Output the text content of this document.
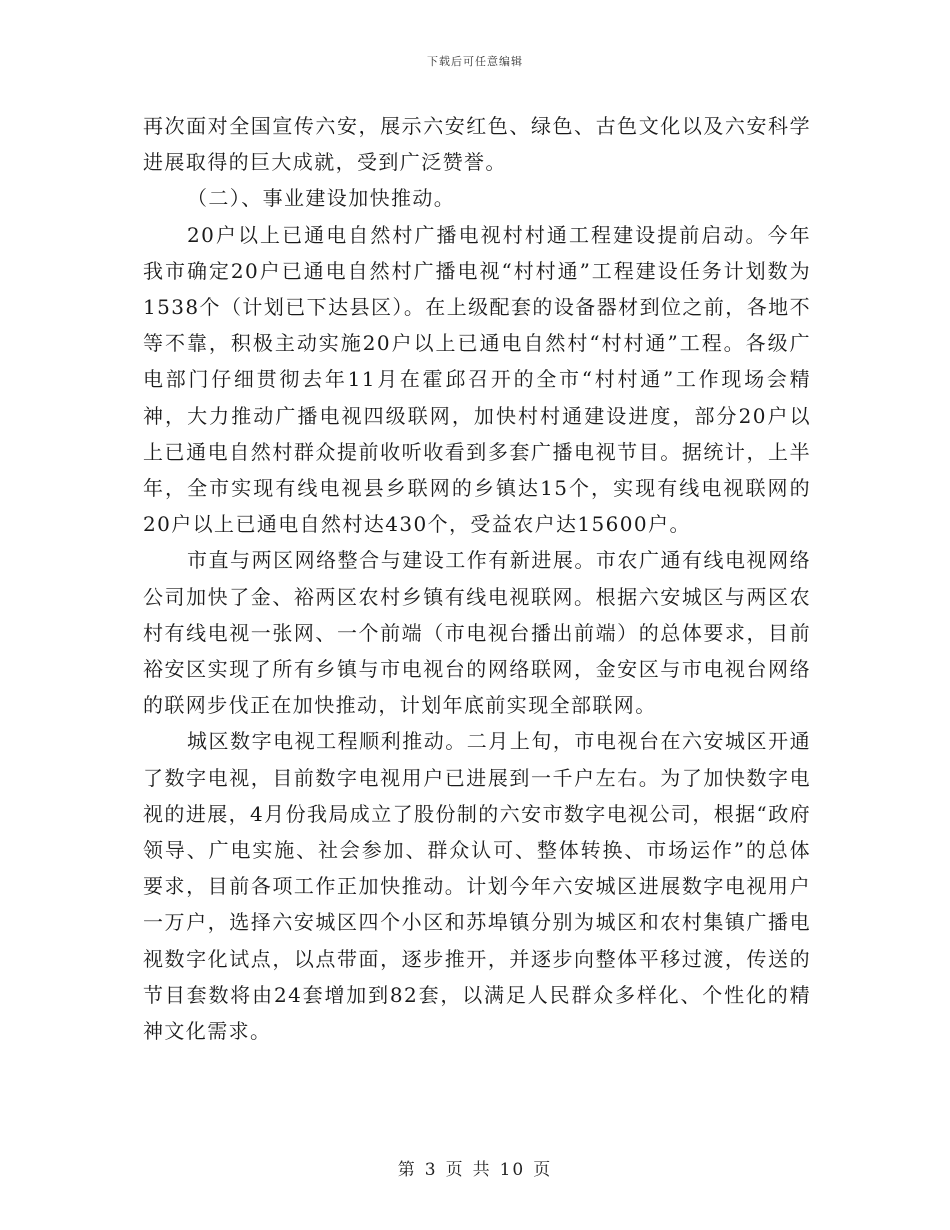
下载后可任意编辑

再次面对全国宣传六安，展示六安红色、绿色、古色文化以及六安科学进展取得的巨大成就，受到广泛赞誉。

（二）、事业建设加快推动。

20户以上已通电自然村广播电视村村通工程建设提前启动。今年我市确定20户已通电自然村广播电视“村村通”工程建设任务计划数为1538个（计划已下达县区）。在上级配套的设备器材到位之前，各地不等不靠，积极主动实施20户以上已通电自然村“村村通”工程。各级广电部门仔细贯彻去年11月在霍邱召开的全市“村村通”工作现场会精神，大力推动广播电视四级联网，加快村村通建设进度，部分20户以上已通电自然村群众提前收听收看到多套广播电视节目。据统计，上半年，全市实现有线电视县乡联网的乡镇达15个，实现有线电视联网的20户以上已通电自然村达430个，受益农户达15600户。

市直与两区网络整合与建设工作有新进展。市农广通有线电视网络公司加快了金、裕两区农村乡镇有线电视联网。根据六安城区与两区农村有线电视一张网、一个前端（市电视台播出前端）的总体要求，目前裕安区实现了所有乡镇与市电视台的网络联网，金安区与市电视台网络的联网步伐正在加快推动，计划年底前实现全部联网。

城区数字电视工程顺利推动。二月上旬，市电视台在六安城区开通了数字电视，目前数字电视用户已进展到一千户左右。为了加快数字电视的进展，4月份我局成立了股份制的六安市数字电视公司，根据“政府领导、广电实施、社会参加、群众认可、整体转换、市场运作”的总体要求，目前各项工作正加快推动。计划今年六安城区进展数字电视用户一万户，选择六安城区四个小区和苏埠镇分别为城区和农村集镇广播电视数字化试点，以点带面，逐步推开，并逐步向整体平移过渡，传送的节目套数将由24套增加到82套，以满足人民群众多样化、个性化的精神文化需求。

第 3 页 共 10 页
